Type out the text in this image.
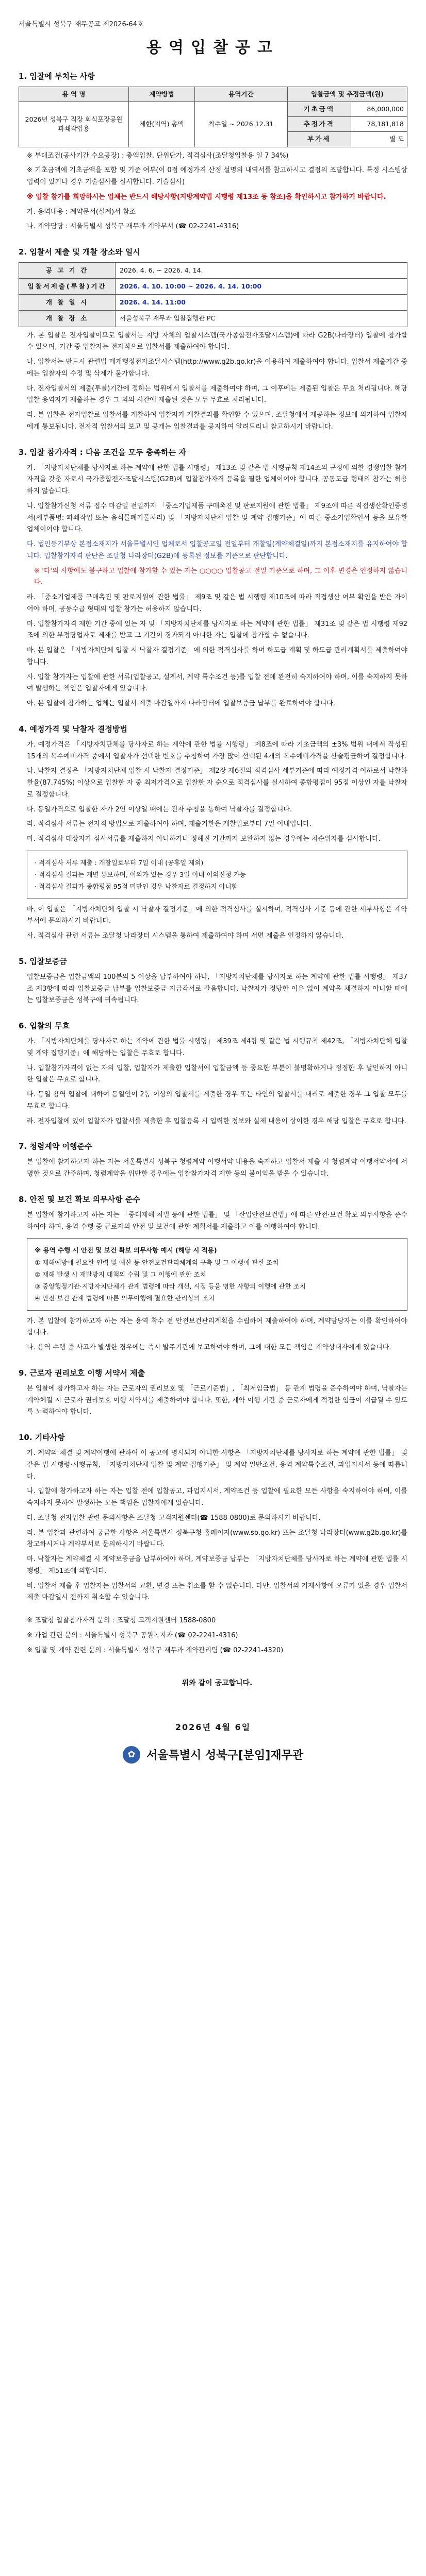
서울특별시 성북구 재무공고 제2026-64호
용역입찰공고
1. 입찰에 부치는 사항
용 역 명	계약방법	용역기간	입찰금액 및 추정금액(원)	
2026년 성북구 직장 회식포장공원 파쇄작업용	제한(지역) 총액	착수일 ~ 2026.12.31	기초금액	86,000,000
			추정가격	78,181,818
			부가세	별 도

※ 부대조건(공사기간 수요공장) : 총액입찰, 단위단가, 적격심사(조달청입찰용 일 7 34%)

※ 기초금액에 기초금액을 포함 및 기준 여부(이 0점 예정가격 산정 설명의 내역서를 참고하시고 결정의 조달합니다. 특정 시스템상 입력이 있거나 경우 기술심사를 실시합니다. 기술심사)

※ 입찰 참가를 희망하시는 업체는 반드시 해당사항(지방계약법 시행령 제13조 등 참조)을 확인하시고 참가하기 바랍니다.

가. 용역내용 : 계약문서(설계)서 참조

나. 계약담당 : 서울특별시 성북구 재무과 계약부서 (☎ 02-2241-4316)

2. 입찰서 제출 및 개찰 장소와 일시
공 고 기 간	2026. 4. 6. ~ 2026. 4. 14.
입찰서제출(투찰)기간	2026. 4. 10. 10:00 ~ 2026. 4. 14. 10:00
개 찰 일 시	2026. 4. 14. 11:00
개 찰 장 소	서울성북구 재무과 입찰집행관 PC

가. 본 입찰은 전자입찰이므로 입찰서는 지방 자체의 입찰시스템(국가종합전자조달시스템)에 따라 G2B(나라장터) 입찰에 참가할 수 있으며, 기간 중 입찰자는 전자적으로 입찰서를 제출하여야 합니다.

나. 입찰서는 반드시 관련법 매개행정전자조달시스템(http://www.g2b.go.kr)을 이용하여 제출하여야 합니다. 입찰서 제출기간 중에는 입찰자의 수정 및 삭제가 불가합니다.

다. 전자입찰서의 제출(투찰)기간에 정하는 범위에서 입찰서를 제출하여야 하며, 그 이후에는 제출된 입찰은 무효 처리됩니다. 해당 입찰 용역자가 제출하는 경우 그 외의 시간에 제출된 것은 모두 무효로 처리됩니다.

라. 본 입찰은 전자입찰로 입찰서를 개찰하여 입찰자가 개찰결과를 확인할 수 있으며, 조달청에서 제공하는 정보에 의거하여 입찰자에게 통보됩니다. 전자적 입찰서의 보고 및 공개는 입찰결과를 공지하여 알려드리니 참고하시기 바랍니다.

3. 입찰 참가자격 : 다음 조건을 모두 충족하는 자

가. 「지방자치단체를 당사자로 하는 계약에 관한 법률 시행령」 제13조 및 같은 법 시행규칙 제14조의 규정에 의한 경쟁입찰 참가자격을 갖춘 자로서 국가종합전자조달시스템(G2B)에 입찰참가자격 등록을 필한 업체이어야 합니다. 공동도급 형태의 참가는 허용하지 않습니다.

나. 입찰참가신청 서류 접수 마감일 전일까지 「중소기업제품 구매촉진 및 판로지원에 관한 법률」 제9조에 따른 직접생산확인증명서(세부품명: 파쇄작업 또는 음식물폐기물처리) 및 「지방자치단체 입찰 및 계약 집행기준」에 따른 중소기업확인서 등을 보유한 업체이어야 합니다.

다. 법인등기부상 본점소재지가 서울특별시인 업체로서 입찰공고일 전일부터 개찰일(계약체결일)까지 본점소재지를 유지하여야 합니다. 입찰참가자격 판단은 조달청 나라장터(G2B)에 등록된 정보를 기준으로 판단합니다.

※ '다'의 사항에도 불구하고 입찰에 참가할 수 있는 자는 ○○○○ 입찰공고 전일 기준으로 하며, 그 이후 변경은 인정하지 않습니다.

라. 「중소기업제품 구매촉진 및 판로지원에 관한 법률」 제9조 및 같은 법 시행령 제10조에 따라 직접생산 여부 확인을 받은 자이어야 하며, 공동수급 형태의 입찰 참가는 허용하지 않습니다.

마. 입찰참가자격 제한 기간 중에 있는 자 및 「지방자치단체를 당사자로 하는 계약에 관한 법률」 제31조 및 같은 법 시행령 제92조에 의한 부정당업자로 제재를 받고 그 기간이 경과되지 아니한 자는 입찰에 참가할 수 없습니다.

바. 본 입찰은 「지방자치단체 입찰 시 낙찰자 결정기준」에 의한 적격심사를 하며 하도급 계획 및 하도급 관리계획서를 제출하여야 합니다.

사. 입찰 참가자는 입찰에 관한 서류(입찰공고, 설계서, 계약 특수조건 등)를 입찰 전에 완전히 숙지하여야 하며, 이를 숙지하지 못하여 발생하는 책임은 입찰자에게 있습니다.

아. 본 입찰에 참가하는 업체는 입찰서 제출 마감일까지 나라장터에 입찰보증금 납부를 완료하여야 합니다.

4. 예정가격 및 낙찰자 결정방법

가. 예정가격은 「지방자치단체를 당사자로 하는 계약에 관한 법률 시행령」 제8조에 따라 기초금액의 ±3% 범위 내에서 작성된 15개의 복수예비가격 중에서 입찰자가 선택한 번호를 추첨하여 가장 많이 선택된 4개의 복수예비가격을 산술평균하여 결정합니다.

나. 낙찰자 결정은 「지방자치단체 입찰 시 낙찰자 결정기준」 제2장 제6절의 적격심사 세부기준에 따라 예정가격 이하로서 낙찰하한율(87.745%) 이상으로 입찰한 자 중 최저가격으로 입찰한 자 순으로 적격심사를 실시하여 종합평점이 95점 이상인 자를 낙찰자로 결정합니다.

다. 동일가격으로 입찰한 자가 2인 이상일 때에는 전자 추첨을 통하여 낙찰자를 결정합니다.

라. 적격심사 서류는 전자적 방법으로 제출하여야 하며, 제출기한은 개찰일로부터 7일 이내입니다.

마. 적격심사 대상자가 심사서류를 제출하지 아니하거나 정해진 기간까지 보완하지 않는 경우에는 차순위자를 심사합니다.

· 적격심사 서류 제출 : 개찰일로부터 7일 이내 (공휴일 제외)
· 적격심사 결과는 개별 통보하며, 이의가 있는 경우 3일 이내 이의신청 가능
· 적격심사 결과가 종합평점 95점 미만인 경우 낙찰자로 결정하지 아니함

바. 이 입찰은 「지방자치단체 입찰 시 낙찰자 결정기준」에 의한 적격심사를 실시하며, 적격심사 기준 등에 관한 세부사항은 계약부서에 문의하시기 바랍니다.

사. 적격심사 관련 서류는 조달청 나라장터 시스템을 통하여 제출하여야 하며 서면 제출은 인정하지 않습니다.

5. 입찰보증금

입찰보증금은 입찰금액의 100분의 5 이상을 납부하여야 하나, 「지방자치단체를 당사자로 하는 계약에 관한 법률 시행령」 제37조 제3항에 따라 입찰보증금 납부를 입찰보증금 지급각서로 갈음합니다. 낙찰자가 정당한 이유 없이 계약을 체결하지 아니할 때에는 입찰보증금은 성북구에 귀속됩니다.

6. 입찰의 무효

가. 「지방자치단체를 당사자로 하는 계약에 관한 법률 시행령」 제39조 제4항 및 같은 법 시행규칙 제42조, 「지방자치단체 입찰 및 계약 집행기준」에 해당하는 입찰은 무효로 합니다.

나. 입찰참가자격이 없는 자의 입찰, 입찰자가 제출한 입찰서에 입찰금액 등 중요한 부분이 불명확하거나 정정한 후 날인하지 아니한 입찰은 무효로 합니다.

다. 동일 용역 입찰에 대하여 동일인이 2통 이상의 입찰서를 제출한 경우 또는 타인의 입찰서를 대리로 제출한 경우 그 입찰 모두를 무효로 합니다.

라. 전자입찰에 있어 입찰자가 입찰서를 제출한 후 입찰등록 시 입력한 정보와 실제 내용이 상이한 경우 해당 입찰은 무효로 합니다.

7. 청렴계약 이행준수

본 입찰에 참가하고자 하는 자는 서울특별시 성북구 청렴계약 이행서약 내용을 숙지하고 입찰서 제출 시 청렴계약 이행서약서에 서명한 것으로 간주하며, 청렴계약을 위반한 경우에는 입찰참가자격 제한 등의 불이익을 받을 수 있습니다.

8. 안전 및 보건 확보 의무사항 준수

본 입찰에 참가하고자 하는 자는 「중대재해 처벌 등에 관한 법률」 및 「산업안전보건법」에 따른 안전·보건 확보 의무사항을 준수하여야 하며, 용역 수행 중 근로자의 안전 및 보건에 관한 계획서를 제출하고 이를 이행하여야 합니다.

※ 용역 수행 시 안전 및 보건 확보 의무사항 예시 (해당 시 적용)
① 재해예방에 필요한 인력 및 예산 등 안전보건관리체계의 구축 및 그 이행에 관한 조치
② 재해 발생 시 재발방지 대책의 수립 및 그 이행에 관한 조치
③ 중앙행정기관·지방자치단체가 관계 법령에 따라 개선, 시정 등을 명한 사항의 이행에 관한 조치
④ 안전·보건 관계 법령에 따른 의무이행에 필요한 관리상의 조치

가. 본 입찰에 참가하고자 하는 자는 용역 착수 전 안전보건관리계획을 수립하여 제출하여야 하며, 계약담당자는 이를 확인하여야 합니다.

나. 용역 수행 중 사고가 발생한 경우에는 즉시 발주기관에 보고하여야 하며, 그에 대한 모든 책임은 계약상대자에게 있습니다.

9. 근로자 권리보호 이행 서약서 제출

본 입찰에 참가하고자 하는 자는 근로자의 권리보호 및 「근로기준법」, 「최저임금법」 등 관계 법령을 준수하여야 하며, 낙찰자는 계약체결 시 근로자 권리보호 이행 서약서를 제출하여야 합니다. 또한, 계약 이행 기간 중 근로자에게 적정한 임금이 지급될 수 있도록 노력하여야 합니다.

10. 기타사항

가. 계약의 체결 및 계약이행에 관하여 이 공고에 명시되지 아니한 사항은 「지방자치단체를 당사자로 하는 계약에 관한 법률」 및 같은 법 시행령·시행규칙, 「지방자치단체 입찰 및 계약 집행기준」 및 계약 일반조건, 용역 계약특수조건, 과업지시서 등에 따릅니다.

나. 입찰에 참가하고자 하는 자는 입찰 전에 입찰공고, 과업지시서, 계약조건 등 입찰에 필요한 모든 사항을 숙지하여야 하며, 이를 숙지하지 못하여 발생하는 모든 책임은 입찰자에게 있습니다.

다. 조달청 전자입찰 관련 문의사항은 조달청 고객지원센터(☎ 1588-0800)로 문의하시기 바랍니다.

라. 본 입찰과 관련하여 궁금한 사항은 서울특별시 성북구청 홈페이지(www.sb.go.kr) 또는 조달청 나라장터(www.g2b.go.kr)를 참고하시거나 계약부서로 문의하시기 바랍니다.

마. 낙찰자는 계약체결 시 계약보증금을 납부하여야 하며, 계약보증금 납부는 「지방자치단체를 당사자로 하는 계약에 관한 법률 시행령」 제51조에 의합니다.

바. 입찰서 제출 후 입찰자는 입찰서의 교환, 변경 또는 취소를 할 수 없습니다. 다만, 입찰서의 기재사항에 오류가 있을 경우 입찰서 제출 마감일시 전까지 취소할 수 있습니다.

※ 조달청 입찰참가자격 문의 : 조달청 고객지원센터 1588-0800

※ 과업 관련 문의 : 서울특별시 성북구 공원녹지과 (☎ 02-2241-4316)

※ 입찰 및 계약 관련 문의 : 서울특별시 성북구 재무과 계약관리팀 (☎ 02-2241-4320)

위와 같이 공고합니다.

2026년 4월 6일
✿ 서울특별시 성북구[분임]재무관
